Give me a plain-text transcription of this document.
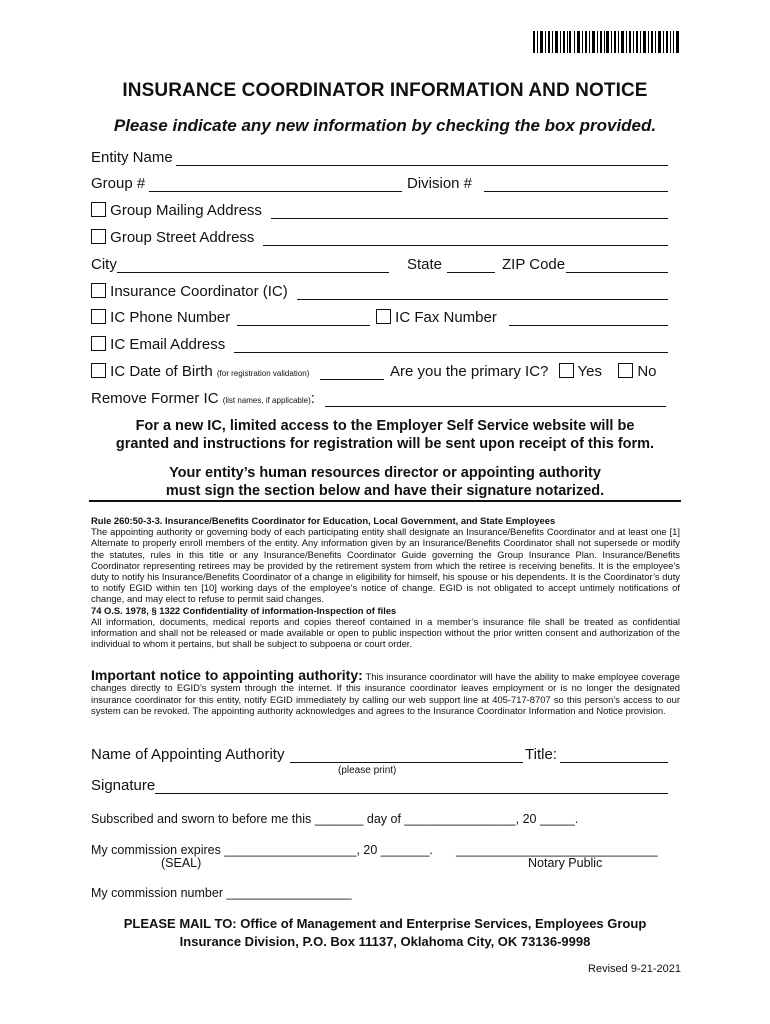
INSURANCE COORDINATOR INFORMATION AND NOTICE
Please indicate any new information by checking the box provided.
Entity Name
Group #	Division #
Group Mailing Address
Group Street Address
City	State	ZIP Code
Insurance Coordinator (IC)
IC Phone Number	IC Fax Number
IC Email Address
IC Date of Birth (for registration validation)	Are you the primary IC? Yes No
Remove Former IC (list names, if applicable):
For a new IC, limited access to the Employer Self Service website will be
granted and instructions for registration will be sent upon receipt of this form.
Your entity’s human resources director or appointing authority
must sign the section below and have their signature notarized.
Rule 260:50-3-3. Insurance/Benefits Coordinator for Education, Local Government, and State Employees
The appointing authority or governing body of each participating entity shall designate an Insurance/Benefits Coordinator and at least one [1] Alternate to properly enroll members of the entity. Any information given by an Insurance/Benefits Coordinator shall not supersede or modify the statutes, rules in this title or any Insurance/Benefits Coordinator Guide governing the Group Insurance Plan. Insurance/Benefits Coordinator representing retirees may be provided by the retirement system from which the retiree is receiving benefits. It is the employee’s duty to notify his Insurance/Benefits Coordinator of a change in eligibility for himself, his spouse or his dependents. It is the Coordinator’s duty to notify EGID within ten [10] working days of the employee’s notice of change. EGID is not obligated to accept untimely notifications of change, and may elect to refuse to permit said changes.
74 O.S. 1978, § 1322 Confidentiality of information-Inspection of files
All information, documents, medical reports and copies thereof contained in a member’s insurance file shall be treated as confidential information and shall not be released or made available or open to public inspection without the prior written consent and authorization of the individual to whom it pertains, but shall be subject to subpoena or court order.
Important notice to appointing authority: This insurance coordinator will have the ability to make employee coverage changes directly to EGID’s system through the internet. If this insurance coordinator leaves employment or is no longer the designated insurance coordinator for this entity, notify EGID immediately by calling our web support line at 405-717-8707 so this person’s access to our system can be revoked. The appointing authority acknowledges and agrees to the Insurance Coordinator Information and Notice provision.
Name of Appointing Authority	Title:
(please print)
Signature
Subscribed and sworn to before me this _______ day of ________________, 20 _____.
My commission expires ___________________, 20 _______. _____________________________
(SEAL)	Notary Public
My commission number __________________
PLEASE MAIL TO: Office of Management and Enterprise Services, Employees Group
Insurance Division, P.O. Box 11137, Oklahoma City, OK 73136-9998
Revised 9-21-2021
